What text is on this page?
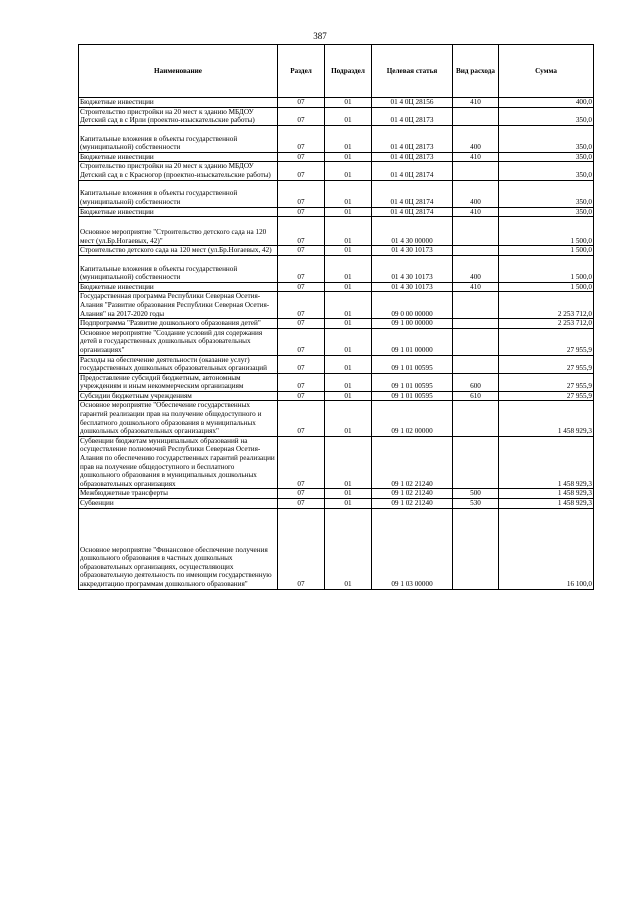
387
Наименование	Раздел	Подраздел	Целевая статья	Вид расхода	Сумма
Бюджетные инвестиции	07	01	01 4 0Ц 28156	410	400,0
Строительство пристройки на 20 мест к зданию МБДОУ Детский сад в с Ирли (проектно-изыскательские работы)	07	01	01 4 0Ц 28173		350,0
Капитальные вложения в объекты государственной (муниципальной) собственности	07	01	01 4 0Ц 28173	400	350,0
Бюджетные инвестиции	07	01	01 4 0Ц 28173	410	350,0
Строительство пристройки на 20 мест к зданию МБДОУ Детский сад в с Красногор (проектно-изыскательские работы)	07	01	01 4 0Ц 28174		350,0
Капитальные вложения в объекты государственной (муниципальной) собственности	07	01	01 4 0Ц 28174	400	350,0
Бюджетные инвестиции	07	01	01 4 0Ц 28174	410	350,0
Основное мероприятие "Строительство детского сада на 120 мест (ул.Бр.Ногаевых, 42)"	07	01	01 4 30 00000		1 500,0
Строительство детского сада на 120 мест (ул.Бр.Ногаевых, 42)	07	01	01 4 30 10173		1 500,0
Капитальные вложения в объекты государственной (муниципальной) собственности	07	01	01 4 30 10173	400	1 500,0
Бюджетные инвестиции	07	01	01 4 30 10173	410	1 500,0
Государственная программа Республики Северная Осетия-Алания "Развитие образования Республики Северная Осетия-Алания" на 2017-2020 годы	07	01	09 0 00 00000		2 253 712,0
Подпрограмма "Развитие дошкольного образования детей"	07	01	09 1 00 00000		2 253 712,0
Основное мероприятие "Создание условий для содержания детей в государственных дошкольных образовательных организациях"	07	01	09 1 01 00000		27 955,9
Расходы на обеспечение деятельности (оказание услуг) государственных дошкольных образовательных организаций	07	01	09 1 01 00595		27 955,9
Предоставление субсидий бюджетным, автономным учреждениям и иным некоммерческим организациям	07	01	09 1 01 00595	600	27 955,9
Субсидии бюджетным учреждениям	07	01	09 1 01 00595	610	27 955,9
Основное мероприятие "Обеспечение государственных гарантий реализации прав на получение общедоступного и бесплатного дошкольного образования в муниципальных дошкольных образовательных организациях"	07	01	09 1 02 00000		1 458 929,3
Субвенции бюджетам муниципальных образований на осуществление полномочий Республики Северная Осетия-Алания по обеспечению государственных гарантий реализации прав на получение общедоступного и бесплатного дошкольного образования в муниципальных дошкольных образовательных организациях	07	01	09 1 02 21240		1 458 929,3
Межбюджетные трансферты	07	01	09 1 02 21240	500	1 458 929,3
Субвенции	07	01	09 1 02 21240	530	1 458 929,3
Основное мероприятие "Финансовое обеспечение получения дошкольного образования в частных дошкольных образовательных организациях, осуществляющих образовательную деятельность по имеющим государственную аккредитацию программам дошкольного образования"	07	01	09 1 03 00000		16 100,0
